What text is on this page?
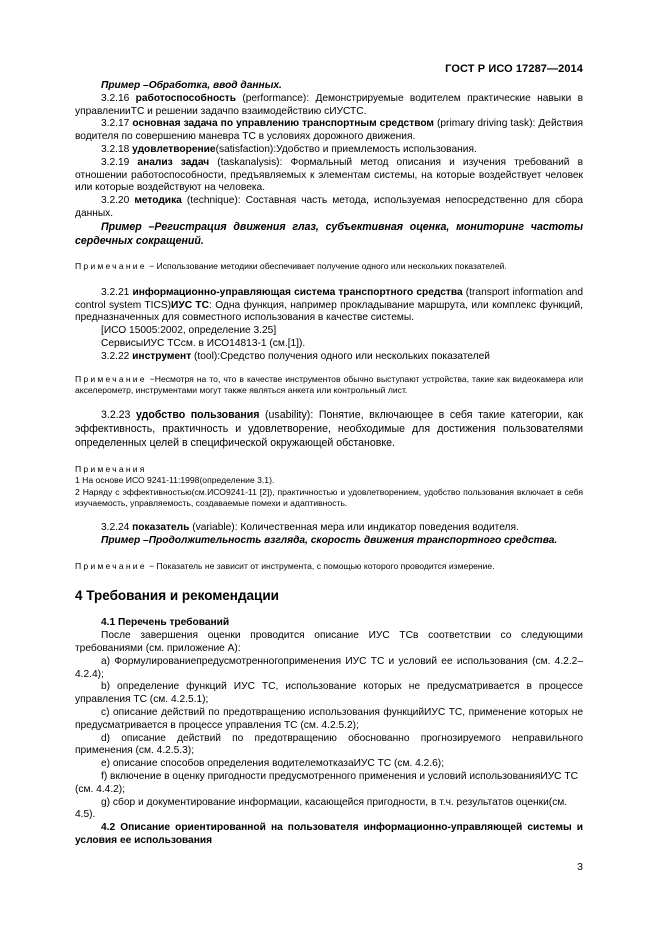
ГОСТ Р ИСО 17287—2014

Пример –Обработка, ввод данных.

3.2.16 работоспособность (performance): Демонстрируемые водителем практические навыки в управленииТС и решении задачпо взаимодействию сИУСТС.

3.2.17 основная задача по управлению транспортным средством (primary driving task): Действия водителя по совершению маневра ТС в условиях дорожного движения.

3.2.18 удовлетворение(satisfaction):Удобство и приемлемость использования.

3.2.19 анализ задач (taskanalysis): Формальный метод описания и изучения требований в отношении работоспособности, предъявляемых к элементам системы, на которые воздействует человек или которые воздействуют на человека.

3.2.20 методика (technique): Составная часть метода, используемая непосредственно для сбора данных.

Пример –Регистрация движения глаз, субъективная оценка, мониторинг частоты сердечных сокращений.

Примечание − Использование методики обеспечивает получение одного или нескольких показателей.

3.2.21 информационно-управляющая система транспортного средства (transport information and control system TICS)ИУС ТС: Одна функция, например прокладывание маршрута, или комплекс функций, предназначенных для совместного использования в качестве системы.

[ИСО 15005:2002, определение 3.25]

СервисыИУС ТСсм. в ИСО14813-1 (см.[1]).

3.2.22 инструмент (tool):Средство получения одного или нескольких показателей

Примечание −Несмотря на то, что в качестве инструментов обычно выступают устройства, такие как видеокамера или акселерометр, инструментами могут также являться анкета или контрольный лист.

3.2.23 удобство пользования (usability): Понятие, включающее в себя такие категории, как эффективность, практичность и удовлетворение, необходимые для достижения пользователями определенных целей в специфической окружающей обстановке.

Примечания

1 На основе ИСО 9241-11:1998(определение 3.1).

2 Наряду с эффективностью(см.ИСО9241-11 [2]), практичностью и удовлетворением, удобство пользования включает в себя изучаемость, управляемость, создаваемые помехи и адаптивность.

3.2.24 показатель (variable): Количественная мера или индикатор поведения водителя.

Пример –Продолжительность взгляда, скорость движения транспортного средства.

Примечание − Показатель не зависит от инструмента, с помощью которого проводится измерение.

4 Требования и рекомендации

4.1 Перечень требований

После завершения оценки проводится описание ИУС ТСв соответствии со следующими требованиями (см. приложение А):

a) Формулированиепредусмотренногоприменения ИУС ТС и условий ее использования (см. 4.2.2–4.2.4);

b) определение функций ИУС ТС, использование которых не предусматривается в процессе управления ТС (см. 4.2.5.1);

c) описание действий по предотвращению использования функцийИУС ТС, применение которых не предусматривается в процессе управления ТС (см. 4.2.5.2);

d) описание действий по предотвращению обоснованно прогнозируемого неправильного применения (см. 4.2.5.3);

e) описание способов определения водителемотказаИУС ТС (см. 4.2.6);

f) включение в оценку пригодности предусмотренного применения и условий использованияИУС ТС (см. 4.4.2);

g) сбор и документирование информации, касающейся пригодности, в т.ч. результатов оценки(см. 4.5).

4.2 Описание ориентированной на пользователя информационно-управляющей системы и условия ее использования

3
